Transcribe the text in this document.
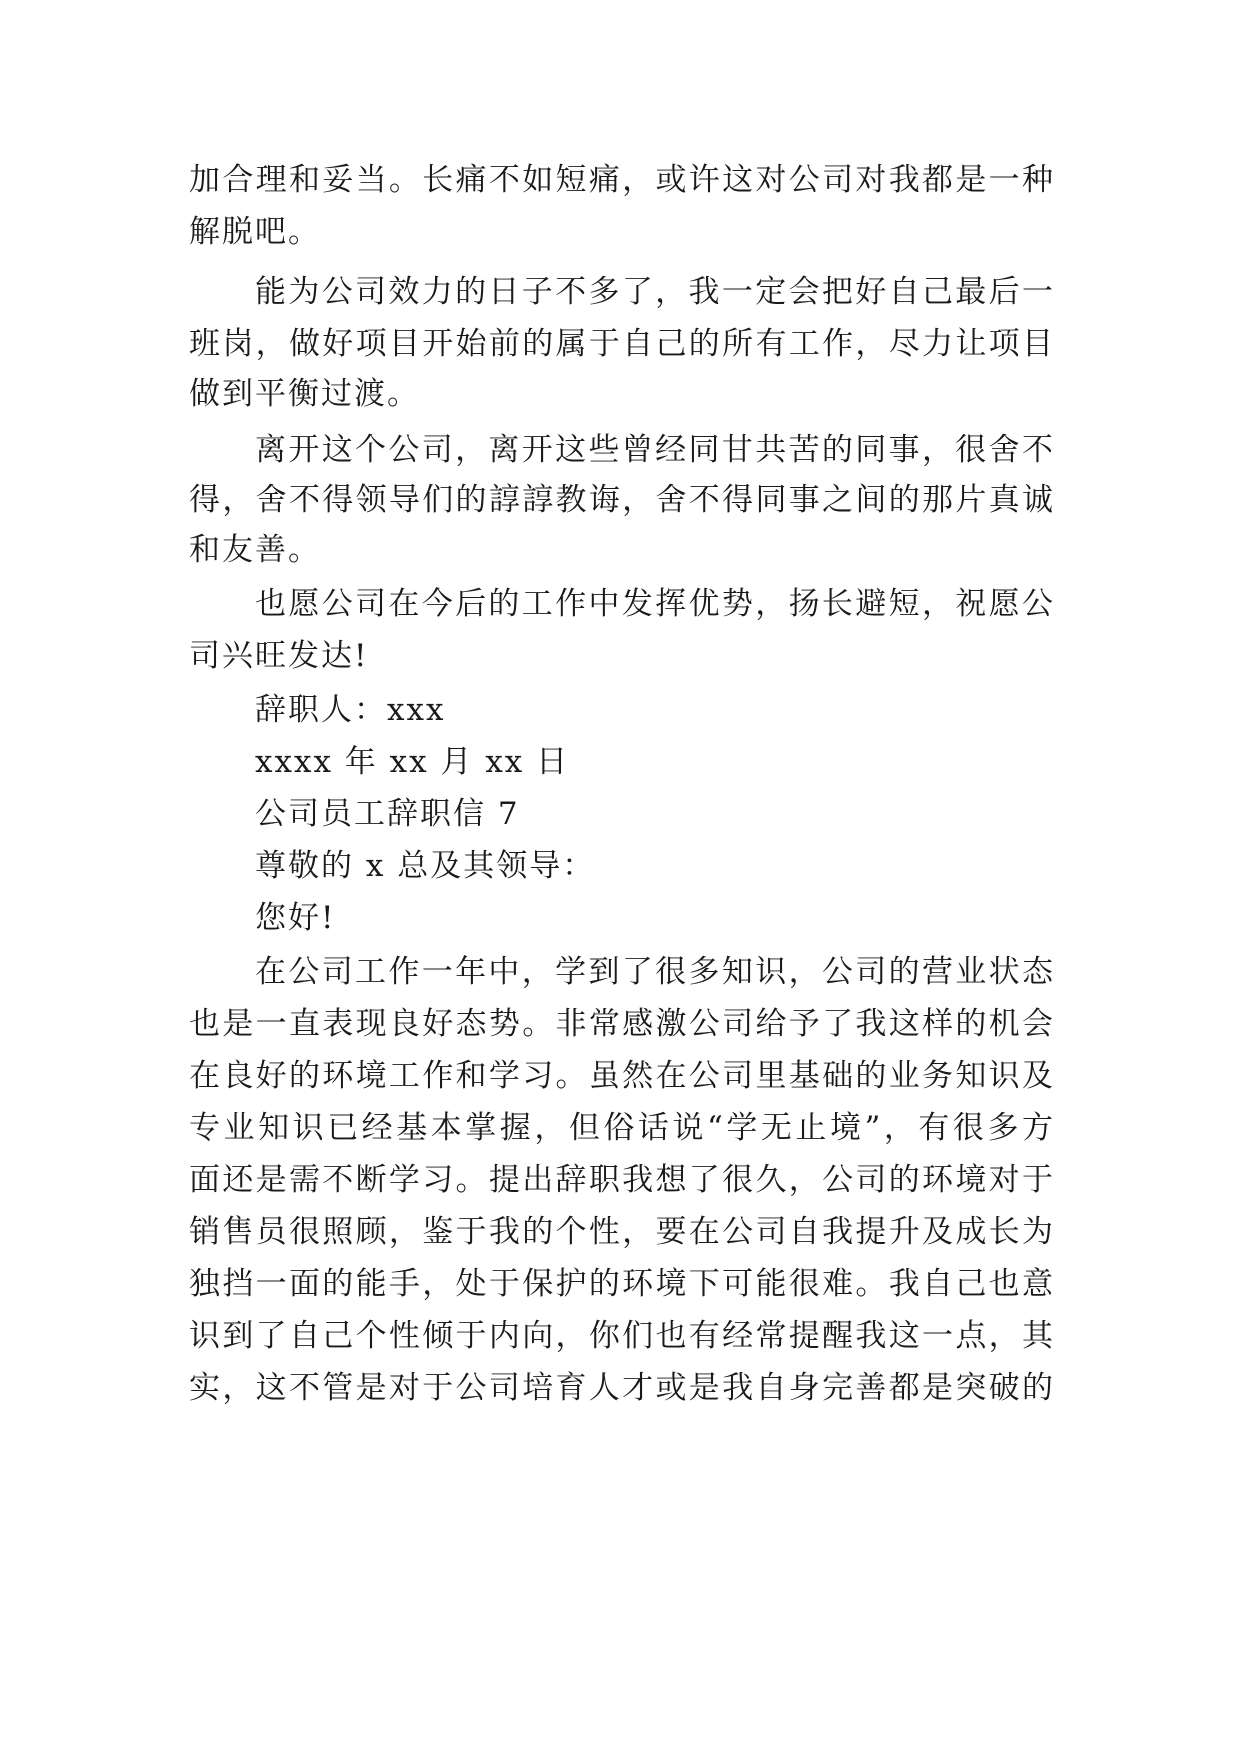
加合理和妥当。长痛不如短痛，或许这对公司对我都是一种
解脱吧。
能为公司效力的日子不多了，我一定会把好自己最后一
班岗，做好项目开始前的属于自己的所有工作，尽力让项目
做到平衡过渡。
离开这个公司，离开这些曾经同甘共苦的同事，很舍不
得，舍不得领导们的諄諄教诲，舍不得同事之间的那片真诚
和友善。
也愿公司在今后的工作中发挥优势，扬长避短，祝愿公
司兴旺发达!
辞职人：xxx
xxxx 年 xx 月 xx 日
公司员工辞职信 7
尊敬的 x 总及其领导：
您好!
在公司工作一年中，学到了很多知识，公司的营业状态
也是一直表现良好态势。非常感激公司给予了我这样的机会
在良好的环境工作和学习。虽然在公司里基础的业务知识及
专业知识已经基本掌握，但俗话说“学无止境”，有很多方
面还是需不断学习。提出辞职我想了很久，公司的环境对于
销售员很照顾，鉴于我的个性，要在公司自我提升及成长为
独挡一面的能手，处于保护的环境下可能很难。我自己也意
识到了自己个性倾于内向，你们也有经常提醒我这一点，其
实，这不管是对于公司培育人才或是我自身完善都是突破的
